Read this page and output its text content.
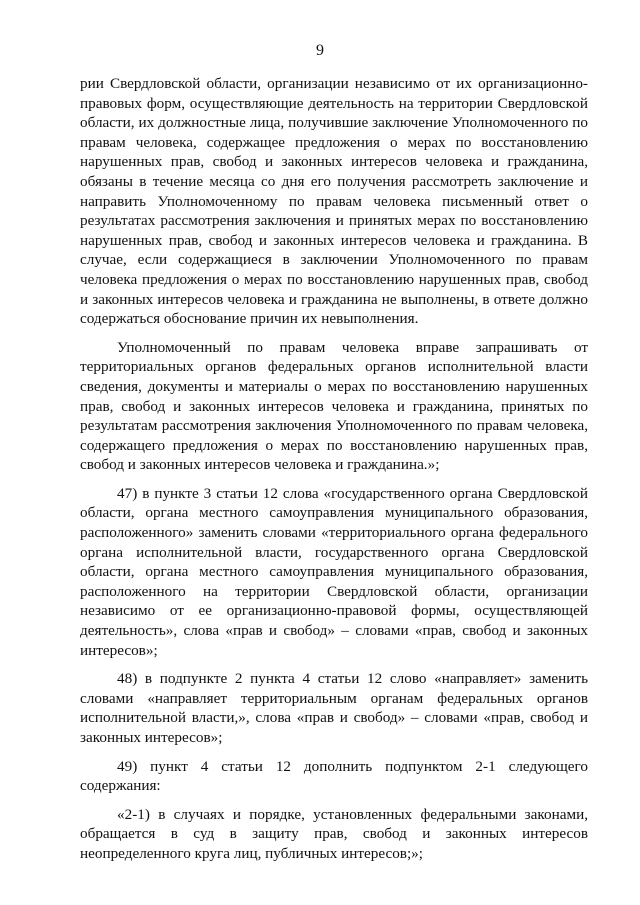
9

рии Свердловской области, организации независимо от их организационно-правовых форм, осуществляющие деятельность на территории Свердловской области, их должностные лица, получившие заключение Уполномоченного по правам человека, содержащее предложения о мерах по восстановлению нарушенных прав, свобод и законных интересов человека и гражданина, обязаны в течение месяца со дня его получения рассмотреть заключение и направить Уполномоченному по правам человека письменный ответ о результатах рассмотрения заключения и принятых мерах по восстановлению нарушенных прав, свобод и законных интересов человека и гражданина. В случае, если содержащиеся в заключении Уполномоченного по правам человека предложения о мерах по восстановлению нарушенных прав, свобод и законных интересов человека и гражданина не выполнены, в ответе должно содержаться обоснование причин их невыполнения.

Уполномоченный по правам человека вправе запрашивать от территориальных органов федеральных органов исполнительной власти сведения, документы и материалы о мерах по восстановлению нарушенных прав, свобод и законных интересов человека и гражданина, принятых по результатам рассмотрения заключения Уполномоченного по правам человека, содержащего предложения о мерах по восстановлению нарушенных прав, свобод и законных интересов человека и гражданина.»;

47) в пункте 3 статьи 12 слова «государственного органа Свердловской области, органа местного самоуправления муниципального образования, расположенного» заменить словами «территориального органа федерального органа исполнительной власти, государственного органа Свердловской области, органа местного самоуправления муниципального образования, расположенного на территории Свердловской области, организации независимо от ее организационно-правовой формы, осуществляющей деятельность», слова «прав и свобод» – словами «прав, свобод и законных интересов»;

48) в подпункте 2 пункта 4 статьи 12 слово «направляет» заменить словами «направляет территориальным органам федеральных органов исполнительной власти,», слова «прав и свобод» – словами «прав, свобод и законных интересов»;

49) пункт 4 статьи 12 дополнить подпунктом 2-1 следующего содержания:

«2-1) в случаях и порядке, установленных федеральными законами, обращается в суд в защиту прав, свобод и законных интересов неопределенного круга лиц, публичных интересов;»;
